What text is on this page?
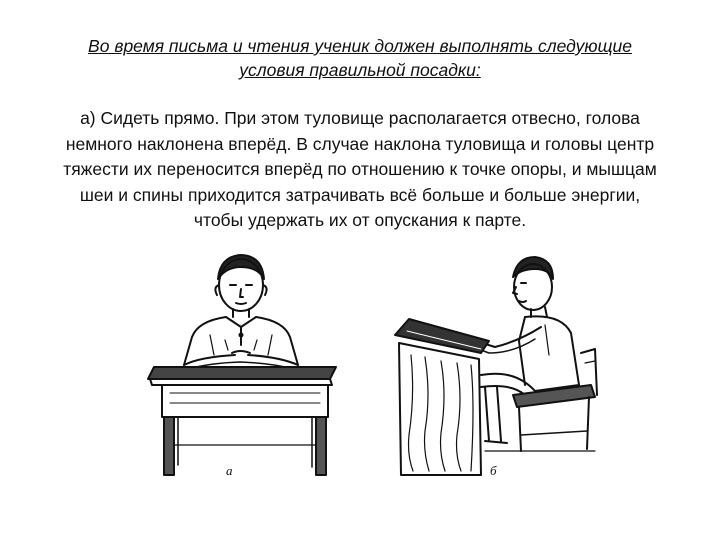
Во время письма и чтения ученик должен выполнять следующие
условия правильной посадки:

а) Сидеть прямо. При этом туловище располагается отвесно, голова
немного наклонена вперёд. В случае наклона туловища и головы центр
тяжести их переносится вперёд по отношению к точке опоры, и мышцам
шеи и спины приходится затрачивать всё больше и больше энергии,
чтобы удержать их от опускания к парте.

а	б
